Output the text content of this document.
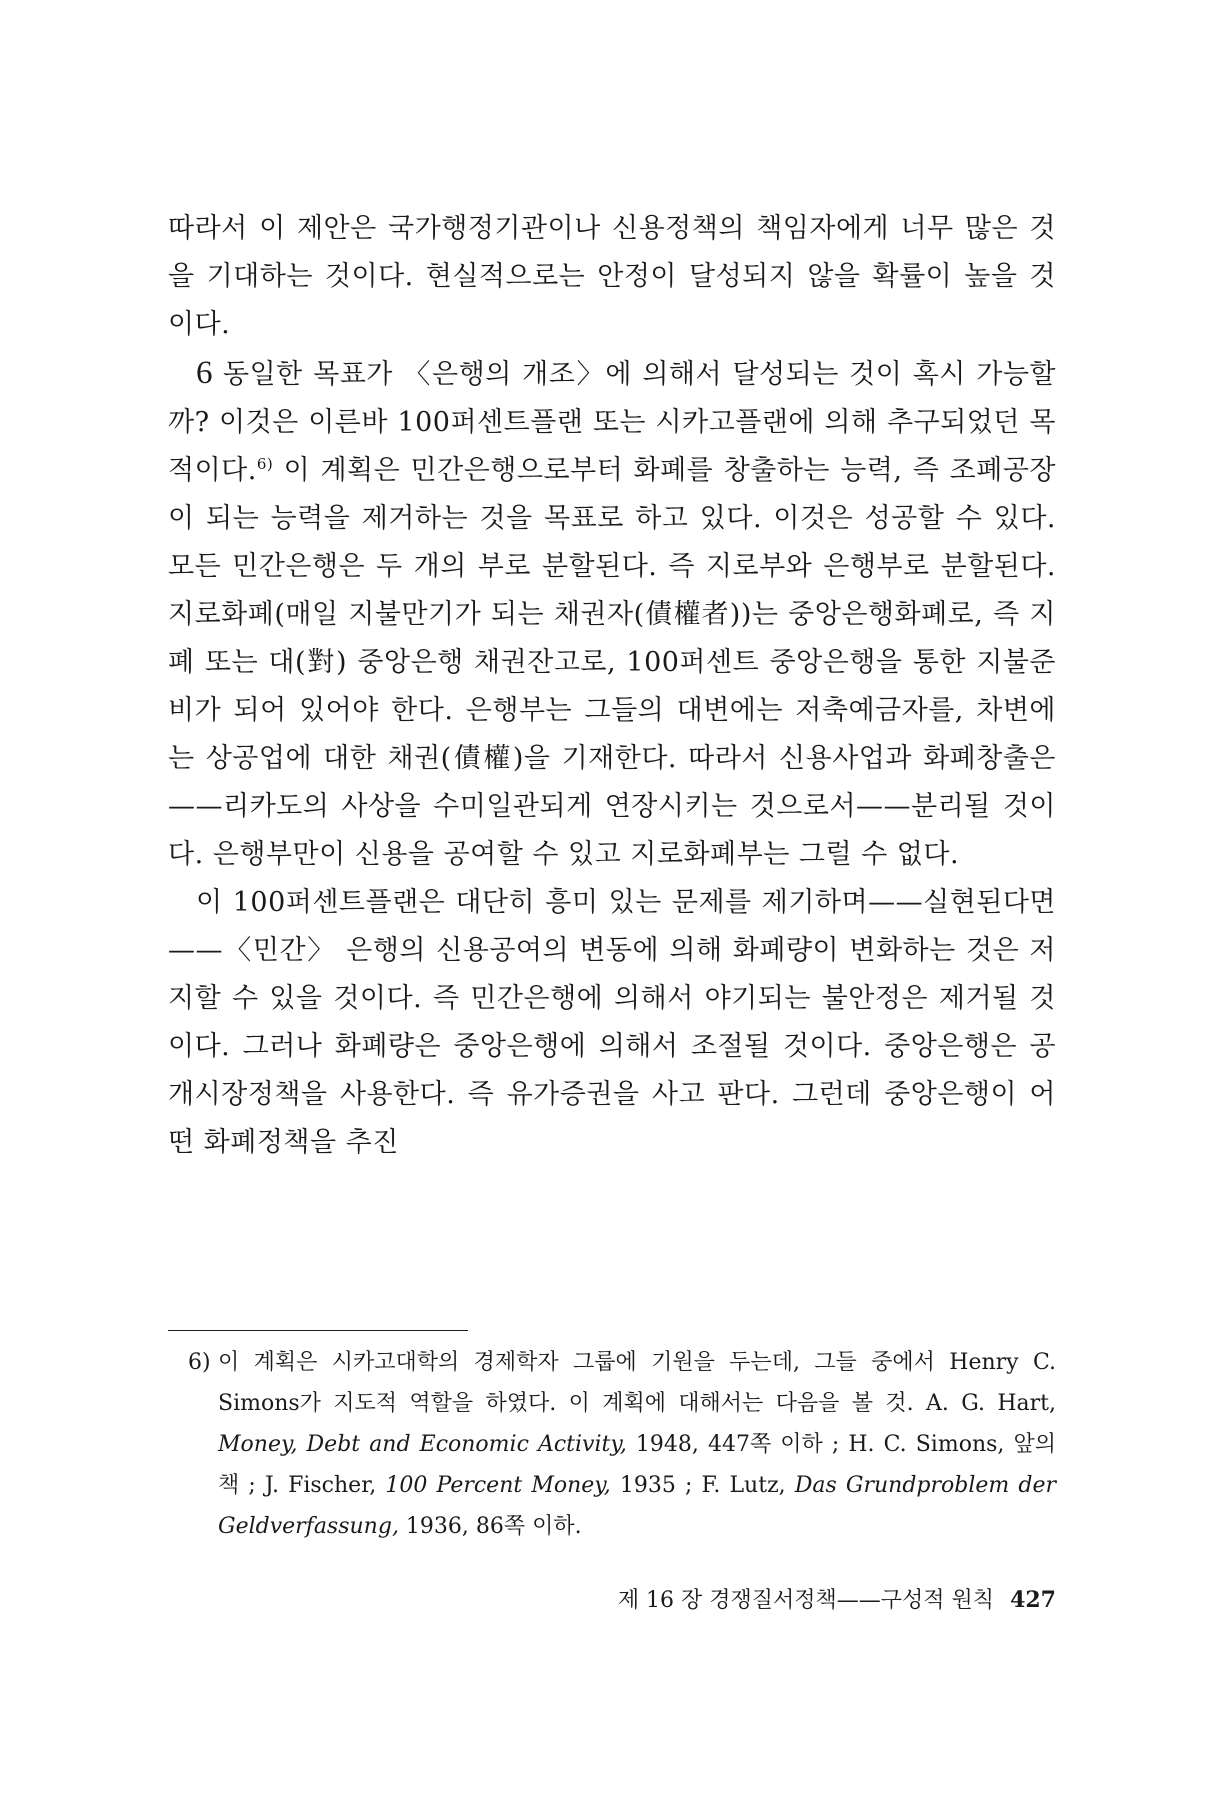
따라서 이 제안은 국가행정기관이나 신용정책의 책임자에게 너무 많은 것을 기대하는 것이다. 현실적으로는 안정이 달성되지 않을 확률이 높을 것이다.

6 동일한 목표가 〈은행의 개조〉에 의해서 달성되는 것이 혹시 가능할까? 이것은 이른바 100퍼센트플랜 또는 시카고플랜에 의해 추구되었던 목적이다.$^{6)}$ 이 계획은 민간은행으로부터 화폐를 창출하는 능력, 즉 조폐공장이 되는 능력을 제거하는 것을 목표로 하고 있다. 이것은 성공할 수 있다. 모든 민간은행은 두 개의 부로 분할된다. 즉 지로부와 은행부로 분할된다. 지로화폐(매일 지불만기가 되는 채권자(債權者))는 중앙은행화폐로, 즉 지폐 또는 대(對) 중앙은행 채권잔고로, 100퍼센트 중앙은행을 통한 지불준비가 되어 있어야 한다. 은행부는 그들의 대변에는 저축예금자를, 차변에는 상공업에 대한 채권(債權)을 기재한다. 따라서 신용사업과 화폐창출은——리카도의 사상을 수미일관되게 연장시키는 것으로서——분리될 것이다. 은행부만이 신용을 공여할 수 있고 지로화폐부는 그럴 수 없다.

이 100퍼센트플랜은 대단히 흥미 있는 문제를 제기하며——실현된다면——〈민간〉 은행의 신용공여의 변동에 의해 화폐량이 변화하는 것은 저지할 수 있을 것이다. 즉 민간은행에 의해서 야기되는 불안정은 제거될 것이다. 그러나 화폐량은 중앙은행에 의해서 조절될 것이다. 중앙은행은 공개시장정책을 사용한다. 즉 유가증권을 사고 판다. 그런데 중앙은행이 어떤 화폐정책을 추진

6) 이 계획은 시카고대학의 경제학자 그룹에 기원을 두는데, 그들 중에서 Henry C. Simons가 지도적 역할을 하였다. 이 계획에 대해서는 다음을 볼 것. A. G. Hart, Money, Debt and Economic Activity, 1948, 447쪽 이하 ; H. C. Simons, 앞의 책 ; J. Fischer, 100 Percent Money, 1935 ; F. Lutz, Das Grundproblem der Geldverfassung, 1936, 86쪽 이하.

제 16 장 경쟁질서정책——구성적 원칙 427
